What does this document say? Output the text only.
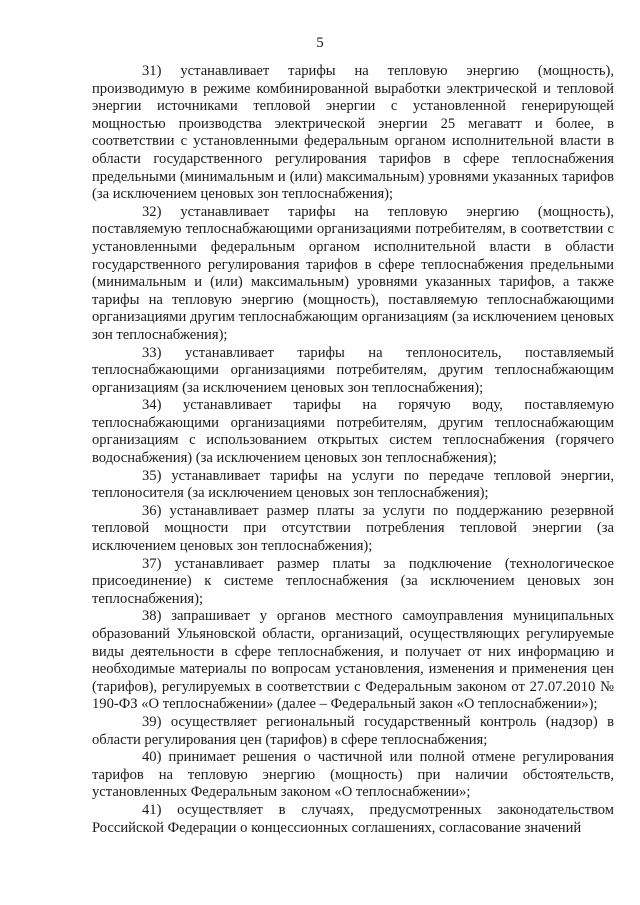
5

31) устанавливает тарифы на тепловую энергию (мощность), производимую в режиме комбинированной выработки электрической и тепловой энергии источниками тепловой энергии с установленной генерирующей мощностью производства электрической энергии 25 мегаватт и более, в соответствии с установленными федеральным органом исполнительной власти в области государственного регулирования тарифов в сфере теплоснабжения предельными (минимальным и (или) максимальным) уровнями указанных тарифов (за исключением ценовых зон теплоснабжения);

32) устанавливает тарифы на тепловую энергию (мощность), поставляемую теплоснабжающими организациями потребителям, в соответствии с установленными федеральным органом исполнительной власти в области государственного регулирования тарифов в сфере теплоснабжения предельными (минимальным и (или) максимальным) уровнями указанных тарифов, а также тарифы на тепловую энергию (мощность), поставляемую теплоснабжающими организациями другим теплоснабжающим организациям (за исключением ценовых зон теплоснабжения);

33) устанавливает тарифы на теплоноситель, поставляемый теплоснабжающими организациями потребителям, другим теплоснабжающим организациям (за исключением ценовых зон теплоснабжения);

34) устанавливает тарифы на горячую воду, поставляемую теплоснабжающими организациями потребителям, другим теплоснабжающим организациям с использованием открытых систем теплоснабжения (горячего водоснабжения) (за исключением ценовых зон теплоснабжения);

35) устанавливает тарифы на услуги по передаче тепловой энергии, теплоносителя (за исключением ценовых зон теплоснабжения);

36) устанавливает размер платы за услуги по поддержанию резервной тепловой мощности при отсутствии потребления тепловой энергии (за исключением ценовых зон теплоснабжения);

37) устанавливает размер платы за подключение (технологическое присоединение) к системе теплоснабжения (за исключением ценовых зон теплоснабжения);

38) запрашивает у органов местного самоуправления муниципальных образований Ульяновской области, организаций, осуществляющих регулируемые виды деятельности в сфере теплоснабжения, и получает от них информацию и необходимые материалы по вопросам установления, изменения и применения цен (тарифов), регулируемых в соответствии с Федеральным законом от 27.07.2010 № 190-ФЗ «О теплоснабжении» (далее – Федеральный закон «О теплоснабжении»);

39) осуществляет региональный государственный контроль (надзор) в области регулирования цен (тарифов) в сфере теплоснабжения;

40) принимает решения о частичной или полной отмене регулирования тарифов на тепловую энергию (мощность) при наличии обстоятельств, установленных Федеральным законом «О теплоснабжении»;

41) осуществляет в случаях, предусмотренных законодательством Российской Федерации о концессионных соглашениях, согласование значений
